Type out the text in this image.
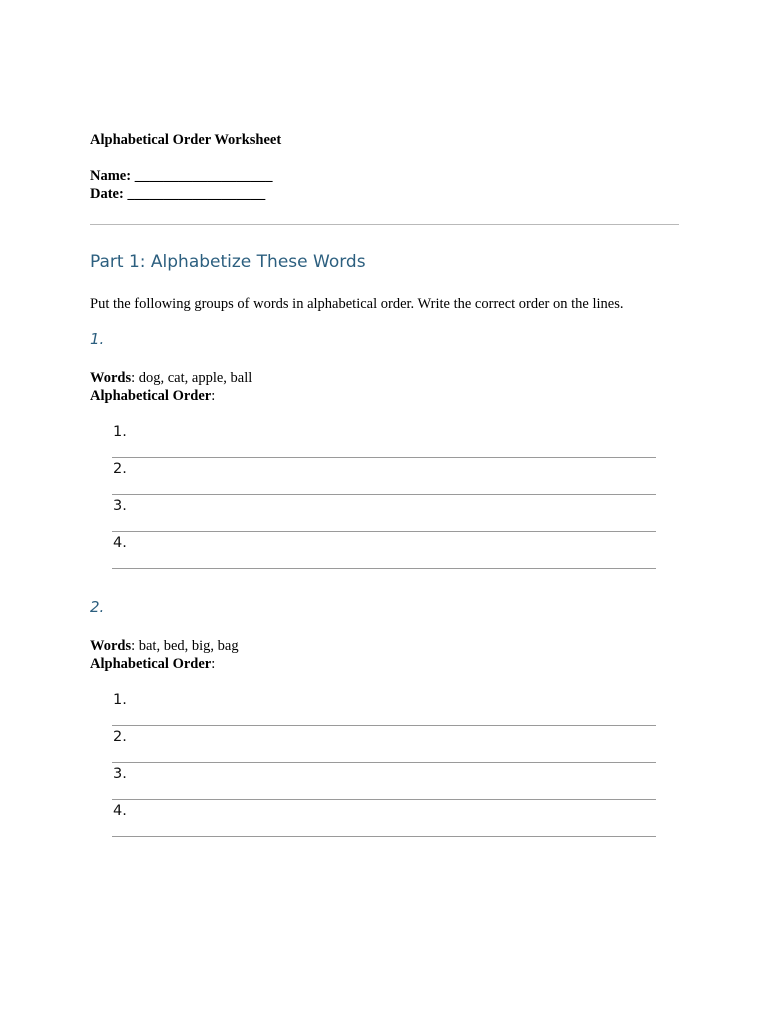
Alphabetical Order Worksheet
Name: ___________________
Date: ___________________
Part 1: Alphabetize These Words
Put the following groups of words in alphabetical order. Write the correct order on the lines.
1.
Words: dog, cat, apple, ball
Alphabetical Order:
1.
2.
3.
4.
2.
Words: bat, bed, big, bag
Alphabetical Order:
1.
2.
3.
4.
